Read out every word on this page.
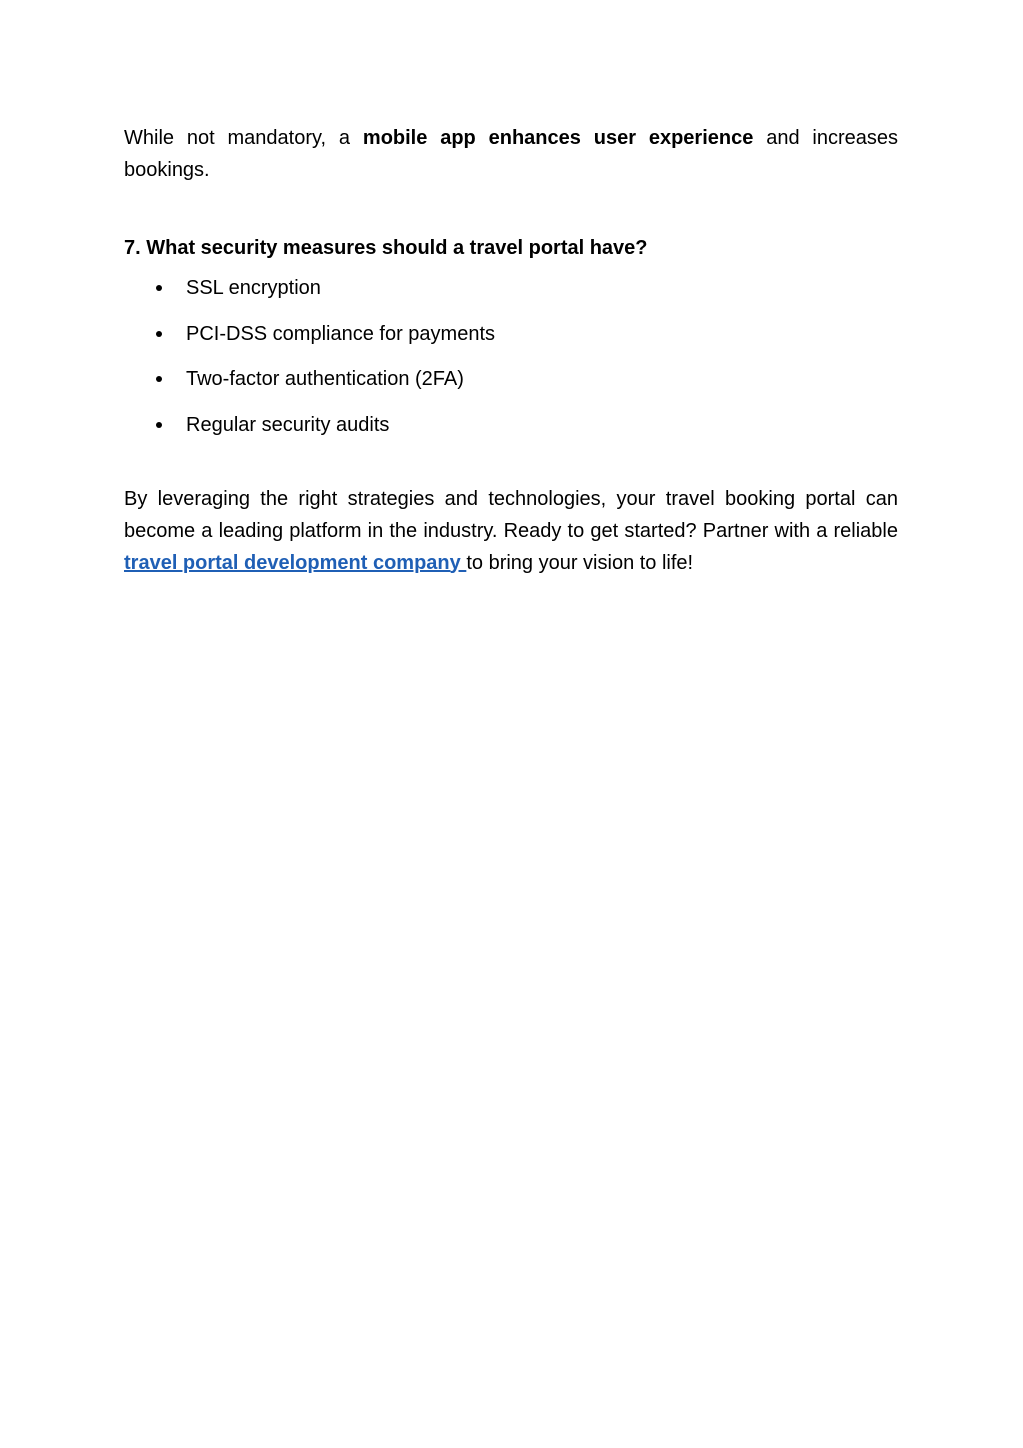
While not mandatory, a mobile app enhances user experience and increases bookings.

7. What security measures should a travel portal have?

SSL encryption
PCI-DSS compliance for payments
Two-factor authentication (2FA)
Regular security audits

By leveraging the right strategies and technologies, your travel booking portal can become a leading platform in the industry. Ready to get started? Partner with a reliable travel portal development company to bring your vision to life!
